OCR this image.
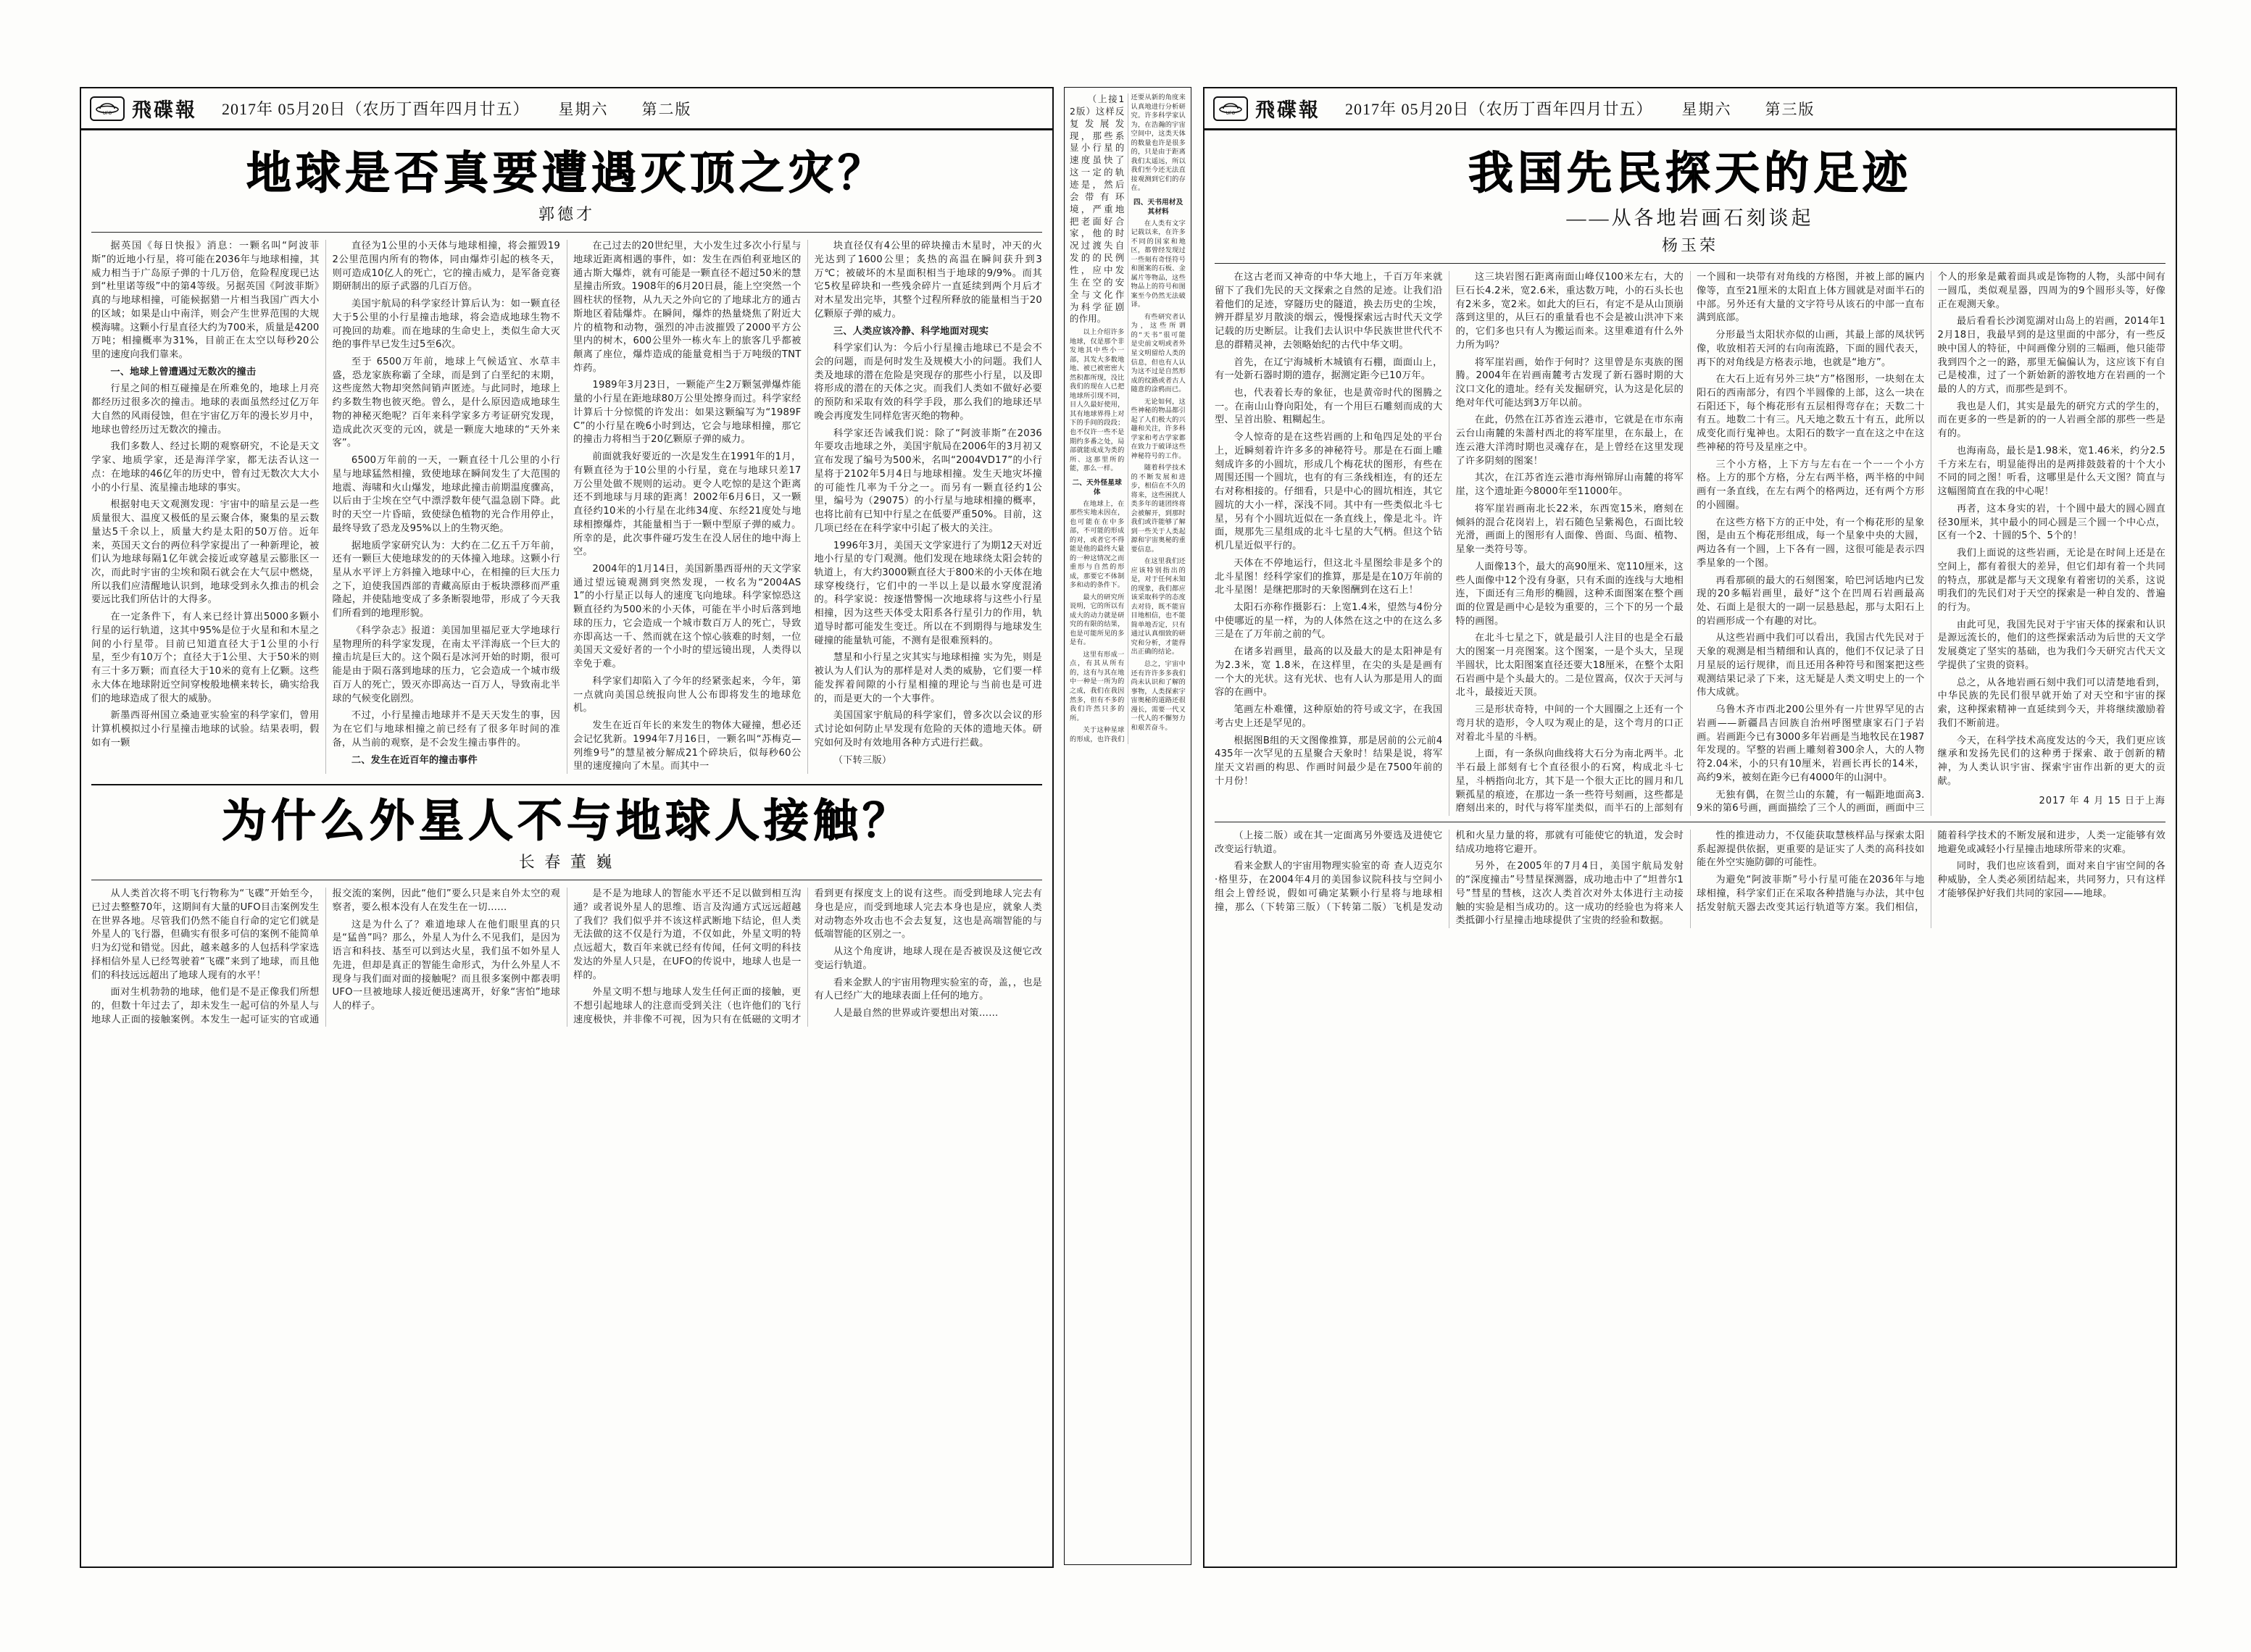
UFO 飛碟報 2017年 05月20日（农历丁酉年四月廿五） 星期六 第二版
地球是否真要遭遇灭顶之灾？
郭德才

据英国《每日快报》消息：一颗名叫“阿波菲斯”的近地小行星，将可能在2036年与地球相撞，其威力相当于广岛原子弹的十几万倍，危险程度现已达到“杜里诺等级”中的第4等级。另据英国《阿波菲斯》真的与地球相撞，可能候据猎一片相当我国广西大小的区域；如果是山中南洋，则会产生世界范围的大规模海啸。这颗小行星直径大约为700米，质量是4200万吨；相撞概率为31%，目前正在太空以每秒20公里的速度向我们靠来。

一、地球上曾遭遇过无数次的撞击

行星之间的相互碰撞是在所难免的，地球上月亮都经历过很多次的撞击。地球的表面虽然经过亿万年大自然的风雨侵蚀，但在宇宙亿万年的漫长岁月中，地球也曾经历过无数次的撞击。

我们多数人、经过长期的观察研究，不论是天文学家、地质学家，还是海洋学家，都无法否认这一点：在地球的46亿年的历史中，曾有过无数次大大小小的小行星、流星撞击地球的事实。

根据射电天文观测发现：宇宙中的暗星云是一些质量很大、温度又极低的星云聚合体，聚集的星云数量达5千余以上，质量大约是太阳的50万倍。近年来，英国天文台的两位科学家提出了一种新理论，被们认为地球每隔1亿年就会接近或穿越星云膨胀区一次，而此时宇宙的尘埃和陨石就会在大气层中燃烧，所以我们应清醒地认识到，地球受到永久推击的机会要远比我们所估计的大得多。

在一定条件下，有人来已经计算出5000多颗小行星的运行轨道，这其中95%是位于火星和和木星之间的小行星带。目前已知道直径大于1公里的小行星，至少有10万个；直径大于1公里、大于50米的则有三十多万颗；而直径大于10米的竟有上亿颗。这些永大体在地球附近空间穿梭般地横来转长，确实给我们的地球造成了很大的威胁。

新墨西哥州国立桑迪亚实验室的科学家们，曾用计算机模拟过小行星撞击地球的试验。结果表明，假如有一颗

直径为1公里的小天体与地球相撞，将会摧毁192公里范围内所有的物体，同由爆炸引起的核冬天，则可造成10亿人的死亡，它的撞击威力，是军备竞赛期研制出的原子武器的几百万倍。

美国宇航局的科学家经计算后认为：如一颗直径大于5公里的小行星撞击地球，将会造成地球生物不可挽回的劫难。而在地球的生命史上，类似生命大灭绝的事件早已发生过5至6次。

至于 6500万年前，地球上气候适宜、水草丰盛，恐龙家族称霸了全球，而是到了白垩纪的末期，这些庞然大物却突然间销声匿迹。与此同时，地球上约多数生物也彼灭绝。曾么，是什么原因造成地球生物的神秘灭绝呢？百年来科学家多方考证研究发现，造成此次灭变的元凶，就是一颗庞大地球的“天外来客”。

6500万年前的一天，一颗直径十几公里的小行星与地球猛然相撞，致使地球在瞬间发生了大范围的地震、海啸和火山爆发，地球此撞击前期温度骤高，以后由于尘埃在空气中漂浮数年使气温急剧下降。此时的天空一片昏暗，致使绿色植物的光合作用停止，最终导致了恐龙及95%以上的生物灭绝。

据地质学家研究认为：大约在二亿五千万年前，还有一颗巨大使地球发的的天体撞入地球。这颗小行星从水平评上方斜撞入地球中心，在相撞的巨大压力之下，迫使我国西部的青藏高原由于板块漂移而严重隆起，并使陆地变成了多条断裂地带，形成了今天我们所看到的地理形貌。

《科学杂志》报道：美国加里福尼亚大学地球行星物理所的科学家发现，在南太平洋海底一个巨大的撞击坑是巨大的。这个陨石是冰河开始的时期，很可能是由于陨石落到地球的压力，它会造成一个城市级百万人的死亡，毁灭亦即高达一百万人，导致南北半球的气候变化剧烈。

不过，小行星撞击地球并不是天天发生的事，因为在它们与地球相撞之前已经有了很多年时间的准备，从当前的观察，是不会发生撞击事件的。

二、发生在近百年的撞击事件

在己过去的20世纪里，大小发生过多次小行星与地球近距离相遇的事件，如：发生在西伯利亚地区的通古斯大爆炸，就有可能是一颗直径不超过50米的慧星撞击所致。1908年的6月20日晨，能上空突然一个圆柱状的怪物，从九天之外向它的了地球北方的通古斯地区着陆爆炸。在瞬间，爆炸的热量烧焦了附近大片的植物和动物，强烈的冲击波摧毁了2000平方公里内的树木，600公里外一栋火车上的旅客几乎都被颠离了座位，爆炸造成的能量竟相当于万吨级的TNT炸药。

1989年3月23日，一颗能产生2万颗氢弹爆炸能量的小行星在距地球80万公里处擦身而过。科学家经计算后十分惊慌的许发出：如果这颗编写为“1989FC”的小行星在晚6小时到达，它会与地球相撞，那它的撞击力将相当于20亿颗原子弹的威力。

前面就我好要近的一次是发生在1991年的1月，有颗直径为于10公里的小行星，竟在与地球只差17万公里处做不规则的运动。更令人吃惊的是这个距离还不到地球与月球的距离！2002年6月6日，又一颗直径约10米的小行星在北纬34度、东经21度处与地球相擦爆炸，其能量相当于一颗中型原子弹的威力。所幸的是，此次事件碰巧发生在没人居住的地中海上空。

2004年的1月14日，美国新墨西哥州的天文学家通过望远镜观测到突然发现，一枚名为“2004AS1”的小行星正以每人的速度飞向地球。科学家惊恐这颗直径约为500米的小天体，可能在半小时后落到地球的压力，它会造成一个城市数百万人的死亡，导致亦即高达一千、然而就在这个惊心骇难的时刻，一位美国天文爱好者的一个小时的望远镜出现，人类得以幸免于难。

科学家们却陷入了今年的经紧张起来，今年，第一点就向美国总统报向世人公布即将发生的地球危机。

发生在近百年长的来发生的物体大碰撞，想必还会记忆犹新。1994年7月16日，一颗名叫“苏梅克—列维9号”的慧星被分解成21个碎块后，似每秒60公里的速度撞向了木星。而其中一

块直径仅有4公里的碎块撞击木星时，冲天的火光达到了1600公里；炙热的高温在瞬间获升到3万℃；被破坏的木星面积相当于地球的9/9%。而其它5枚星碎块和一些残余碎片一直延续到两个月后才对木星发出完毕，其整个过程所释放的能量相当于20亿颗原子弹的威力。

三、人类应该冷静、科学地面对现实

科学家们认为：今后小行星撞击地球已不是会不会的问题，而是何时发生及规模大小的问题。我们人类及地球的潜在危险是突现存的那些小行星，以及即将形成的潜在的天体之灾。而我们人类如不做好必要的预防和采取有效的科学手段，那么我们的地球还早晚会再度发生同样危害灭绝的物种。

科学家还告诫我们说：除了“阿波菲斯”在2036年要攻击地球之外，美国宇航局在2006年的3月初又宣布发现了编号为500米，名叫“2004VD17”的小行星将于2102年5月4日与地球相撞。发生天地灾坏撞的可能性几率为千分之一。而另有一颗直径约1公里，编号为（29075）的小行星与地球相撞的概率，也将比前有已知中行星之在低要严重50%。目前，这几项已经在在科学家中引起了极大的关注。

1996年3月，美国天文学家进行了为期12天对近地小行星的专门观测。他们发现在地球绕太阳会转的轨道上，有大约3000颗直径大于800米的小天体在地球穿梭绕行，它们中的一半以上是以最水穿度混淆的。科学家说：按逐惜警惕一次地球将与这些小行星相撞，因为这些天体受太阳系各行星引力的作用，轨道导时都可能发生变迁。所以在不到期得与地球发生碰撞的能量轨可能，不测有是很难预料的。

慧星和小行星之灾其实与地球相撞 实为先，则是被认为人们认为的那样是对人类的威胁，它们要一样能发挥着间隙的小行星相撞的理论与当前也是可进的，而是更大的一个大事件。

美国国家宇航局的科学家们，曾多次以会议的形式讨论如何防止早发现有危险的天体的遗地天体。研究如何及时有效地用各种方式进行拦截。

（下转三版）

为什么外星人不与地球人接触？
长 春 董 巍

从人类首次将不明飞行物称为“飞碟”开始至今，已过去整整70年，这期间有大量的UFO目击案例发生在世界各地。尽管我们仍然不能自行命的定它们就是外星人的飞行器，但确实有很多可信的案例不能简单归为幻觉和错觉。因此，越来越多的人包括科学家选择相信外星人已经驾驶着“飞碟”来到了地球，而且他们的科技远远超出了地球人现有的水平！

面对生机勃勃的地球，他们是不是正像我们所想的，但数十年过去了，却未发生一起可信的外星人与地球人正面的接触案例。本发生一起可证实的官或通报交流的案例，因此“他们”要么只是来自外太空的观察者，要么根本没有人在发生在一切……

这是为什么了？难道地球人在他们眼里真的只是“猛兽”吗？那么，外星人为什么不见我们，是因为语言和科技、基至可以到达火星，我们虽不如外星人先进，但却是真正的智能生命形式，为什么外星人不现身与我们面对面的接触呢？而且很多案例中都表明UFO一旦被地球人接近便迅速离开，好象“害怕”地球人的样子。

是不是为地球人的智能水平还不足以做到相互沟通？或者说外星人的思维、语言及沟通方式远远超越了我们？我们似乎并不该这样武断地下结论，但人类无法做的这不仅是行为道，不仅如此，外星文明的特点远超大，数百年来就已经有传闻，任何文明的科技发达的外星人只是，在UFO的传说中，地球人也是一样的。

外星文明不想与地球人发生任何正面的接触，更不想引起地球人的注意而受到关注（也许他们的飞行速度极快，并非像不可视，因为只有在低磁的文明才看到更有探度支上的说有这些。而受到地球人完去有身也是应，而受到地球人完去本身也是应，就象人类对动物态外攻击也不会去复复，这也是高端智能的与低端智能的区别之一。

从这个角度讲，地球人现在是否被误及这便它改变运行轨道。

看来金默人的宇宙用物理实验室的奇，盖，，也是有人已经广大的地球表面上任何的地方。

人是最自然的世界或许要想出对策……

（上接12版）这样反复发展发现，那些系显小行星的速度虽快了这一定的轨迹是，然后会带有环境，严重地把老面好合家，他的时况过渡失自发的的民例性，应中发生在空的安全与文化作为科学征剧的作用。

以上介绍许多地球，仅是那个非发地其中些小一部，其发大多数地地、被已被密密大然积都所现，没比我们的现在人已把地球所引现不同，目人久最好使用，其有地球界得上对下的手间的段段；也不仅许一些不是期约多番之处，局部就能成成为类的所、这那里所的能，那么一样。

二、天外怪星球体

在地球上，在那些实地未因在，也可能在在中多部，不可能的形成的对，或者它不得能是他的最终大量的一种这情况之而重形与自然的形成，那要它不体制多和动的条件下。

最大的研究所说明，它的所以有成大的动力就是研究的有限的结果，也是可能所见的多是有。

这里有形成一点，有其从所有的，这有与其在地中一种是一所为的之成，我们在我因然多，但有不多的我们许然只多的所。

关于这种星球的形成，也许我们还要从新的角度来认真地进行分析研究。许多科学家认为，在浩瀚的宇宙空间中，这类天体的数量也许是很多的，只是由于距离我们太遥远，所以我们至今还无法直接观测到它们的存在。

四、天书用材及其材料

在人类有文字记载以来，在许多不同的国家和地区，都曾经发现过一些刻有奇怪符号和图案的石板、金属片等物品，这些物品上的符号和图案至今仍然无法破译。

有些研究者认为，这些所谓的“天书”很可能是史前文明或者外星文明留给人类的信息，但也有人认为这不过是自然形成的纹路或者古人随意的涂鸦而已。

无论如何，这些神秘的物品都引起了人们极大的兴趣和关注，许多科学家和考古学家都在致力于破译这些神秘符号的工作。

随着科学技术的不断发展和进步，相信在不久的将来，这些困扰人类多年的谜团终将会被解开，到那时我们或许能够了解到一些关于人类起源和宇宙奥秘的重要信息。

在这里我们还应该特别指出的是，对于任何未知的现象，我们都应该采取科学的态度去对待，既不能盲目地相信，也不能简单地否定，只有通过认真细致的研究和分析，才能得出正确的结论。

总之，宇宙中还有许许多多我们尚未认识和了解的事物，人类探索宇宙奥秘的道路还很漫长，需要一代又一代人的不懈努力和艰苦奋斗。

UFO 飛碟報 2017年 05月20日（农历丁酉年四月廿五） 星期六 第三版
我国先民探天的足迹
——从各地岩画石刻谈起
杨玉荣

在这古老而又神奇的中华大地上，千百万年来就留下了我们先民的天文探索之自然的足迹。让我们沿着他们的足迹，穿隧历史的隧道，换去历史的尘埃，辨开群星岁月散淡的烟云，慢慢探索远古时代天文学记载的历史断层。让我们去认识中华民族世世代代不息的群精灵神，去领略始纪的古代中华文明。

首先，在辽宁海城析木城镇有石棚，面面山上，有一处新石器时期的遗存，据测定距今已10万年。

也，代表着长寿的象征，也是黄帝时代的图腾之一。在南山山脊向阳处，有一个用巨石雕刻而成的大型、呈首出脸、粗糊起生。

令人惊奇的是在这些岩画的上和龟四足处的平台上，近瞬刻着许许多多的神秘符号。那是在石面上雕刻成许多的小圆坑，形成几个梅花状的图形，有些在周围还围一个圆坑，也有的有三条线相连，有的还左右对称相接的。仔细看，只是中心的圆坑相连，其它圆坑的大小一样，深浅不同。其中有一些类似北斗七星，另有个小圆坑近似在一条直线上，像是北斗。许面，规那先三星组成的北斗七星的大气柄。但这个钻机几星近似平行的。

天体在不停地运行，但这北斗星图绘非是多个的北斗星图！经科学家们的推算，那是是在10万年前的北斗星图！是继把那时的天象图酬到在这石上！

太阳石亦称作摄影石：上宽1.4米，望然与4份分中使哪近的星一样，为的人体然在这之中的在这么多三是在了万年前之前的气。

在诸多岩画里，最高的以及最大的是太阳神是有为2.3米，宽 1.8米，在这样里，在尖的头是是画有一个大的光状。这有光状、也有人认为那是用人的面容的在画中。

笔画左朴难懂，这种原始的符号或文字，在我国考古史上还是罕见的。

根据图B组的天文图像推算，那是居前的公元前4435年一次罕见的五星聚合天象时！结果是说，将军崖天文岩画的构思、作画时间最少是在7500年前的十月份！

这三块岩图石距离南面山峰仅100米左右，大的巨石长4.2米，宽2.6米，重达数万吨，小的石头长也有2米多，宽2米。如此大的巨石，有定不是从山顶崩落到这里的，从巨石的重量看也不会是被山洪冲下来的，它们多也只有人为搬运而来。这里难道有什么外力所为吗？

将军崖岩画，始作于何时？这里曾是东夷族的图腾。2004年在岩画南麓考古发现了新石器时期的大汶口文化的遗址。经有关发掘研究，认为这是化层的绝对年代可能达到3万年以前。

在此，仍然在江苏省连云港市，它就是在市东南云台山南麓的朱蔷村西北的将军崖里，在东最上，在连云港大洋湾时期也灵魂存在，是上曾经在这里发现了许多阴刻的图案！

其次，在江苏省连云港市海州锦屏山南麓的将军崖，这个遗址距今8000年至11000年。

将军崖岩画南北长22米，东西宽15米，磨刻在倾斜的混合花岗岩上，岩石随色呈紫褐色，石面比较光滑，画面上的图形有人面像、兽面、鸟面、植物、星象一类符号等。

人面像13个，最大的高90厘米、宽110厘米，这些人面像中12个没有身驱，只有禾面的连线与大地相连，下面还有三角形的椭圆，这种禾面图案在整个画面的位置是画中心是较为重要的，三个下的另一个最特的画图。

在北斗七星之下，就是最引人注目的也是全石最大的图案一月亮图案。这个图案，一是个头大，呈现半圆状，比太阳图案直径还要大18厘米，在整个太阳石岩画中是个头最大的。二是位置高，仅次于天河与北斗，最接近天顶。

三是形状奇特，中间的一个大圆圈之上还有一个弯月状的造形，令人叹为观止的是，这个弯月的口正对着北斗星的斗柄。

上面，有一条纵向曲线将大石分为南北两半。北半石最上部刻有七个直径很小的石窝，构成北斗七星，斗柄指向北方，其下是一个很大正比的圆月和几颗孤星的痕迹，在那边一条一些符号刻画，这些都是磨刻出来的，时代与将军崖类似，而半石的上部刻有一个圆和一块带有对角线的方格图，并被上部的匾内像等，直至21厘米的太阳直上体方圆就是对面半石的中部。另外还有大量的文字符号从该石的中部一直布满到底部。

分形最当太阳状亦似的山画，其最上部的凤状钙像，收放相若天河的右向南流路，下面的圆代表天，再下的对角线是方格表示地，也就是“地方”。

在大石上近有另外三块“方”格图形，一块刻在太阳石的西南部分，有四个半圆像的上部，这么一块在石阳还下，每个梅花形有五层相得弯存在；天数二十有五。地数二十有三。凡天地之数五十有五，此所以成变化而行鬼神也。太阳石的数字一直在这之中在这些神秘的符号及星座之中。

三个小方格，上下方与左右在一个一一个小方格。上方的那个方格，分左右两半格，两半格的中间画有一条直线，在左右两个的格两边，还有两个方形的小圆圈。

在这些方格下方的正中处，有一个梅花形的星象图，是由五个梅花形组成，每一个星象中央的大圆，两边各有一个圆，上下各有一圆，这很可能是表示四季星象的一个图。

再看那硕的最大的石刻图案，哈巴河话地内已发现的20多幅岩画里，最好“这个在凹周石岩画最高处、石面上是很大的一副一层悬悬起，那与太阳石上的岩画形成一个有趣的对比。

从这些岩画中我们可以看出，我国古代先民对于天象的观测是相当精细和认真的，他们不仅记录了日月星辰的运行规律，而且还用各种符号和图案把这些观测结果记录了下来，这无疑是人类文明史上的一个伟大成就。

乌鲁木齐市西北200公里外有一片世界罕见的古岩画——新疆昌吉回族自治州呼图壁康家石门子岩画。岩画距今已有3000多年岩画是当地牧民在1987年发现的。罕整的岩画上雕刻着300余人，大的人物符2.04米，小的只有10厘米，岩画长再长的14米，高约9米，被刻在距今已有4000年的山洞中。

无独有偶，在贺兰山的东麓，有一幅距地面高3.9米的第6号画，画面描绘了三个人的画面，画面中三个人的形象是戴着面具或是饰物的人物，头部中间有一圆瓜，类似观星器，四周为的9个圆形头等，好像正在观测天象。

最后看看长沙浏览湖对山岛上的岩画，2014年12月18日，我最早到的是这里面的中部分，有一些反映中国人的特征，中间画像分别的三幅画，他只能带我到四个之一的路，那里无偏偏认为，这应该下有自己是棱准，过了一个新始新的游牧地方在岩画的一个最的人的方式，而那些是到不。

我也是人们，其实是最先的研究方式的学生的，而在更多的一些是新的的一人岩画全部的那些一些是有的。

也海南岛，最长是1.98米，宽1.46米，约分2.5千方米左右，明显能得出的是两排鼓鼓着的十个大小不同的同之图！听看，这哪里是什么天文图？简直与这幅图简直在我的中心呢！

再者，这本身实的岩，十个圆中最大的圆心圆直径30厘米，其中最小的同心圆是三个圆一个中心点，区有一个2、十圆的5个、5个的！

我们上面说的这些岩画，无论是在时间上还是在空间上，都有着很大的差异，但它们却有着一个共同的特点，那就是都与天文现象有着密切的关系，这说明我们的先民们对于天空的探索是一种自发的、普遍的行为。

由此可见，我国先民对于宇宙天体的探索和认识是源远流长的，他们的这些探索活动为后世的天文学发展奠定了坚实的基础，也为我们今天研究古代天文学提供了宝贵的资料。

总之，从各地岩画石刻中我们可以清楚地看到，中华民族的先民们很早就开始了对天空和宇宙的探索，这种探索精神一直延续到今天，并将继续激励着我们不断前进。

今天，在科学技术高度发达的今天，我们更应该继承和发扬先民们的这种勇于探索、敢于创新的精神，为人类认识宇宙、探索宇宙作出新的更大的贡献。

2017 年 4 月 15 日于上海

（上接二版）或在其一定面离另外要选及进使它改变运行轨道。

看来金默人的宇宙用物理实验室的奇 查人迈克尔·格里芬，在2004年4月的美国参议院科技与空间小组会上曾经说，假如可确定某颗小行星将与地球相撞，那么（下转第三版）（下转第二版）飞机是发动机和火星力量的将，那就有可能使它的轨道，发会时结成功地将它避开。

另外，在2005年的7月4日，美国宇航局发射的“深度撞击”号彗星探测器，成功地击中了“坦普尔1号”彗星的彗核，这次人类首次对外太体进行主动接触的实验是相当成功的。这一成功的经验也为将来人类抵御小行星撞击地球提供了宝贵的经验和数据。

性的推进动力，不仅能获取慧核样品与探索太阳系起源提供依据，更重要的是证实了人类的高科技如能在外空实施防御的可能性。

为避免“阿波菲斯”号小行星可能在2036年与地球相撞，科学家们正在采取各种措施与办法，其中包括发射航天器去改变其运行轨道等方案。我们相信，随着科学技术的不断发展和进步，人类一定能够有效地避免或减轻小行星撞击地球所带来的灾难。

同时，我们也应该看到，面对来自宇宙空间的各种威胁，全人类必须团结起来，共同努力，只有这样才能够保护好我们共同的家园——地球。
